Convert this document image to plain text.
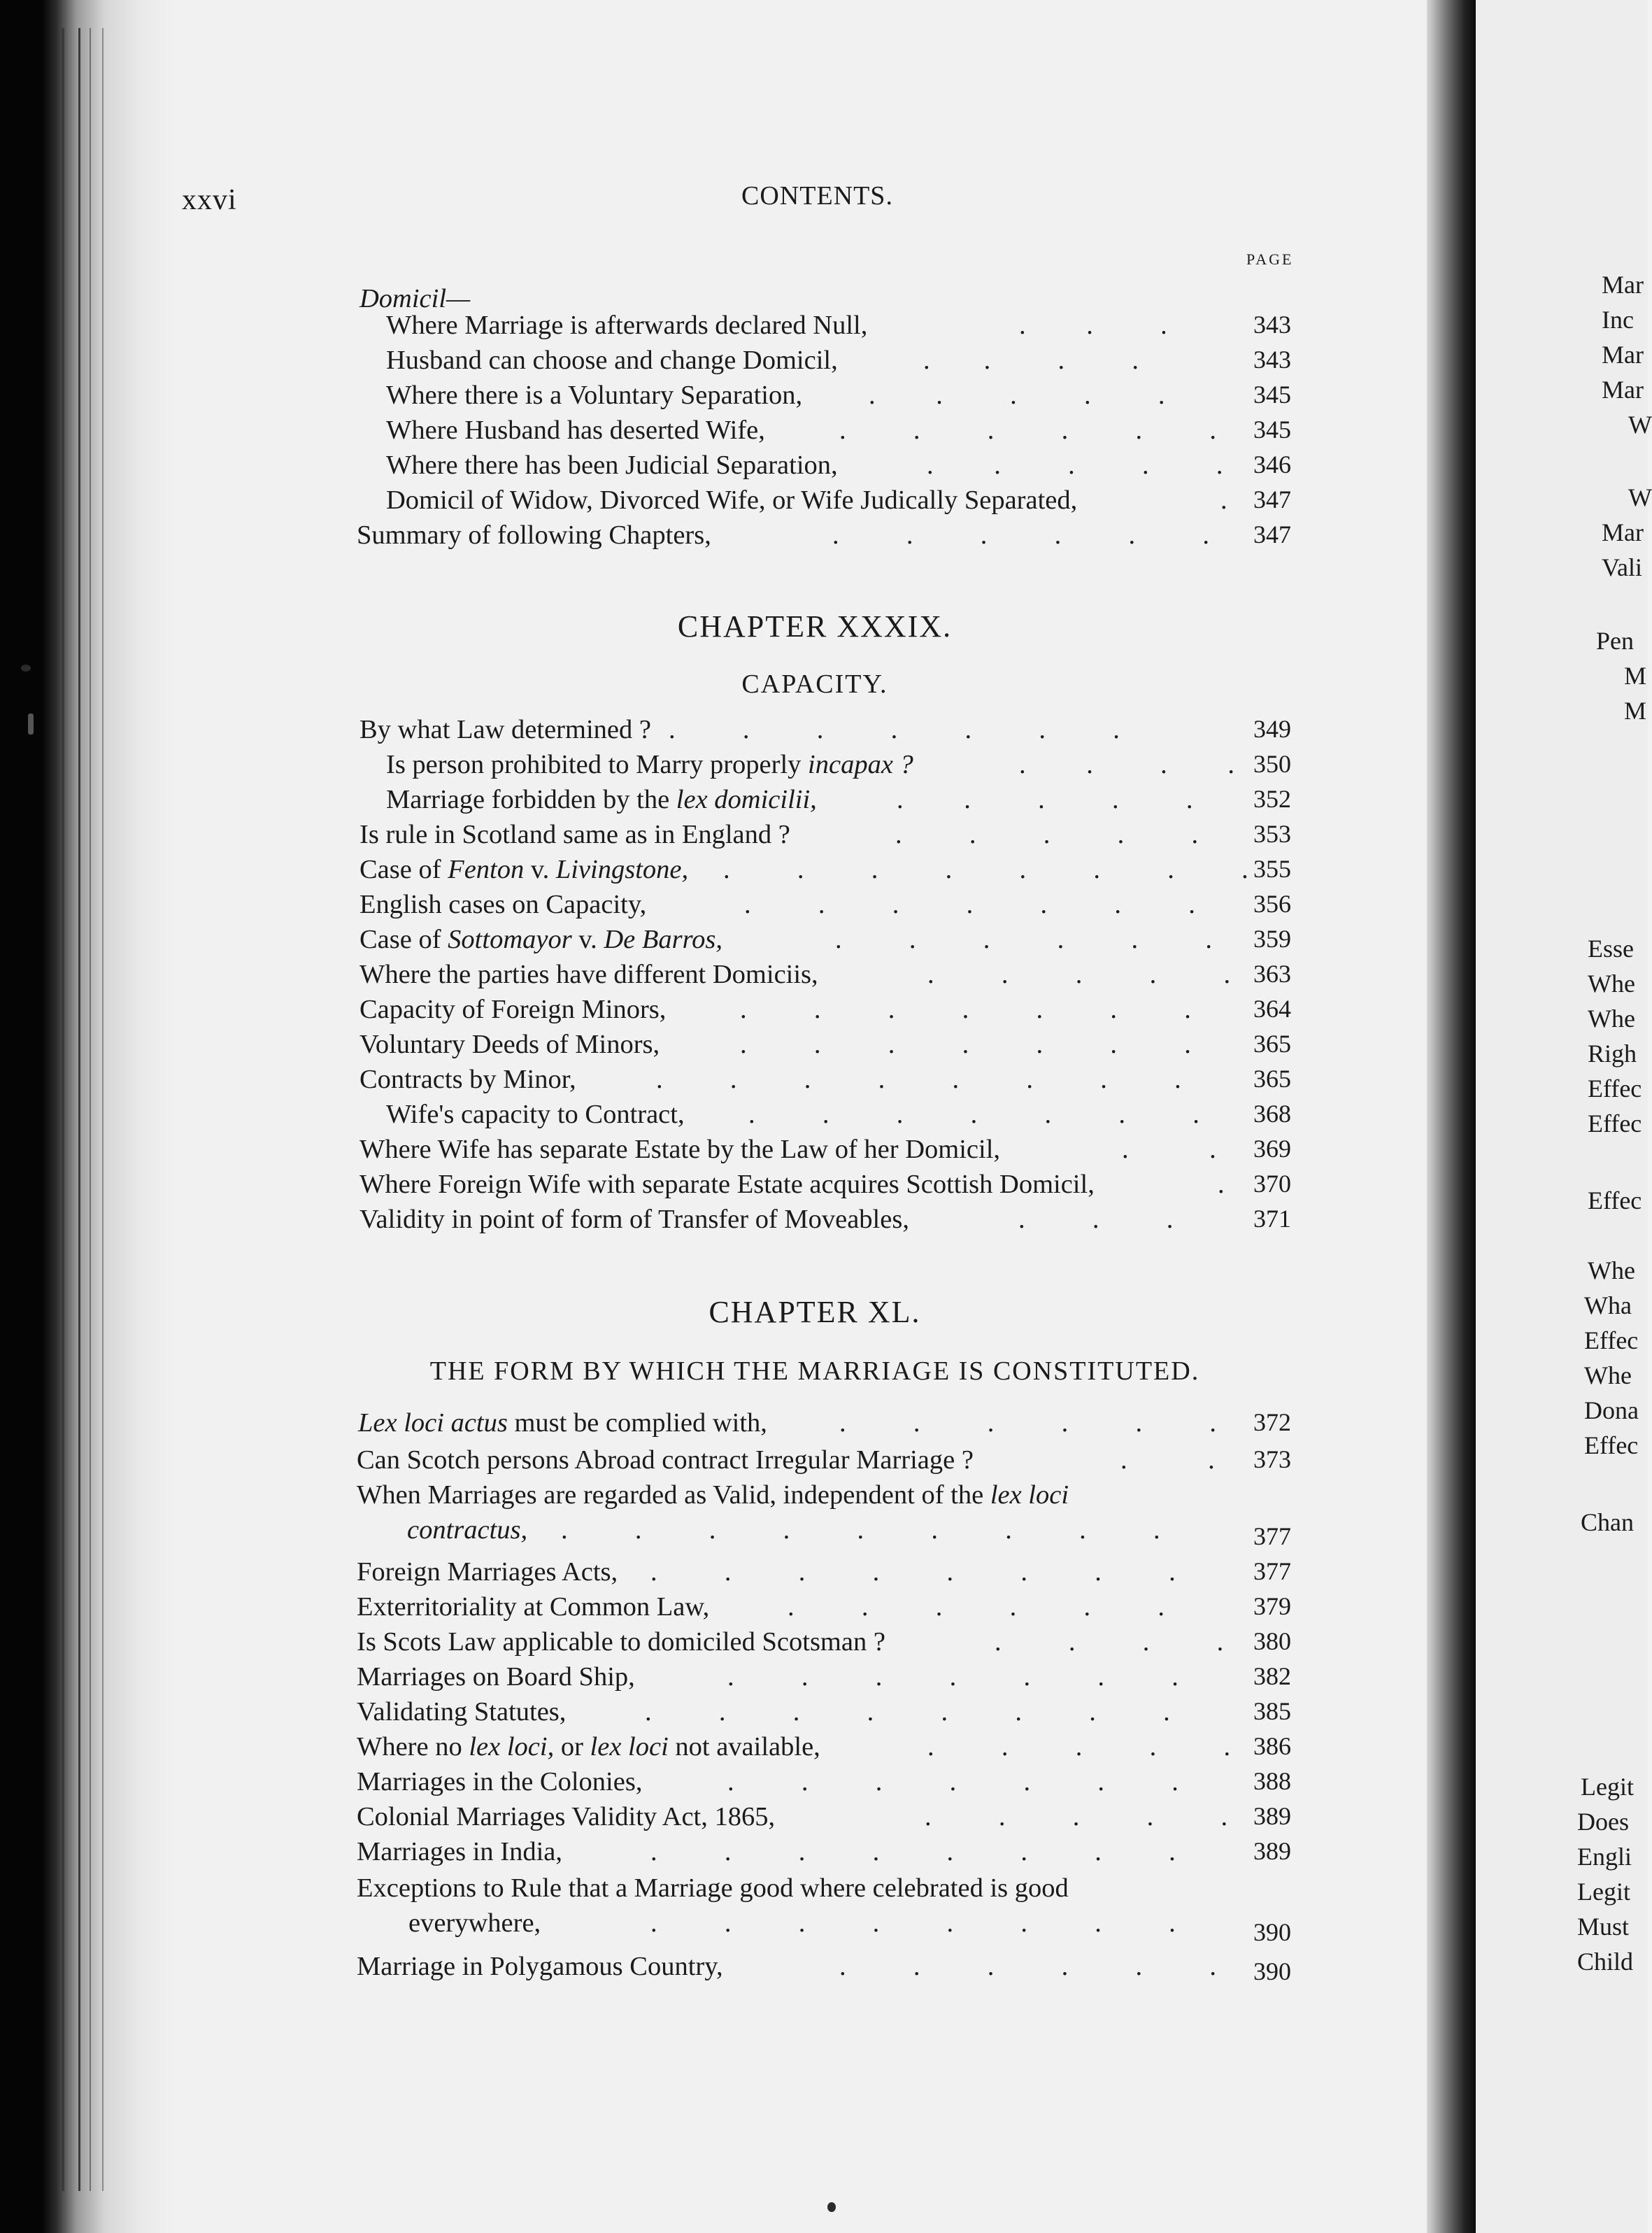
Mar
Inc
Mar
Mar
W
W
Mar
Vali
Pen
M
M
Esse
Whe
Whe
Righ
Effec
Effec
Effec
Whe
Wha
Effec
Whe
Dona
Effec
Chan
Legit
Does
Engli
Legit
Must
Child
xxvi	CONTENTS.
PAGE
Domicil—
Where Marriage is afterwards declared Null,	.         .          .	343
Husband can choose and change Domicil,	.        .          .          .	343
Where there is a Voluntary Separation, .         .          .          .          .	345
Where Husband has deserted Wife,	.          .          .          .          .          . 345
Where there has been Judicial Separation,	.         .          .          .          . 346
Domicil of Widow, Divorced Wife, or Wife Judically Separated,	. 347
Summary of following Chapters,	.          .          .          .          .          . 347
CHAPTER XXXIX.
CAPACITY.
By what Law determined ? .          .          .          .          .          .          .	349
Is person prohibited to Marry properly incapax ?	.         .          .         . 350
Marriage forbidden by the lex domicilii,	.         .          .          .          . 352
Is rule in Scotland same as in England ?	.          .          .          .          . 353
Case of Fenton v. Livingstone, .          .          .          .          .          .          .          . 355
English cases on Capacity,	.          .          .          .          .          .          . 356
Case of Sottomayor v. De Barros,	.          .          .          .          .          . 359
Where the parties have different Domiciis,	.          .          .          .          . 363
Capacity of Foreign Minors,	.          .          .          .          .          .          . 364
Voluntary Deeds of Minors,	.          .          .          .          .          .          . 365
Contracts by Minor,	.          .          .          .          .          .          .          .	365
Wife's capacity to Contract, .          .          .          .          .          .          . 368
Where Wife has separate Estate by the Law of her Domicil,	.            . 369
Where Foreign Wife with separate Estate acquires Scottish Domicil,	. 370
Validity in point of form of Transfer of Moveables,	.          .          .	371
CHAPTER XL.
THE FORM BY WHICH THE MARRIAGE IS CONSTITUTED.
Lex loci actus must be complied with,	.          .          .          .          .          . 372
Can Scotch persons Abroad contract Irregular Marriage ?	.            . 373
When Marriages are regarded as Valid, independent of the lex loci
contractus, .          .          .          .          .          .          .          .          .	377
Foreign Marriages Acts, .          .          .          .          .          .          .          .	377
Exterritoriality at Common Law,	.          .          .          .          .          .	379
Is Scots Law applicable to domiciled Scotsman ?	.          .          .          . 380
Marriages on Board Ship,	.          .          .          .          .          .          .	382
Validating Statutes,	.          .          .          .          .          .          .          .	385
Where no lex loci, or lex loci not available,	.          .          .          .          . 386
Marriages in the Colonies,	.          .          .          .          .          .          .	388
Colonial Marriages Validity Act, 1865,	.          .          .          .          . 389
Marriages in India,	.          .          .          .          .          .          .          .	389
Exceptions to Rule that a Marriage good where celebrated is good
everywhere,	.          .          .          .          .          .          .          .	390
Marriage in Polygamous Country,	.          .          .          .          .          . 390
